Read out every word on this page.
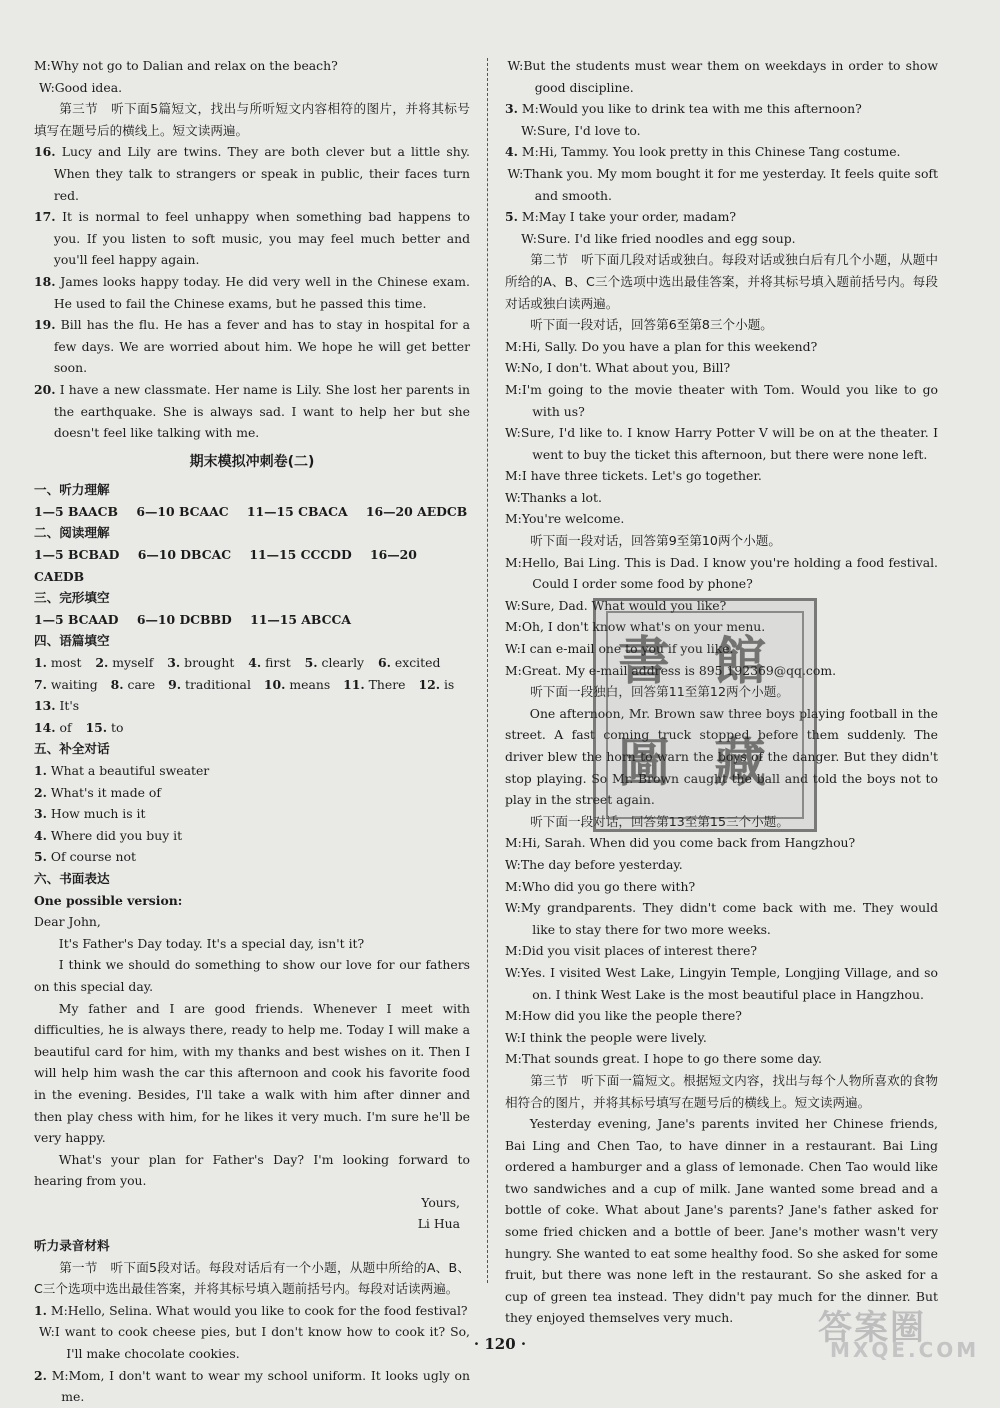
M:Why not go to Dalian and relax on the beach?

W:Good idea.

第三节　听下面5篇短文，找出与所听短文内容相符的图片，并将其标号填写在题号后的横线上。短文读两遍。

16. Lucy and Lily are twins. They are both clever but a little shy. When they talk to strangers or speak in public, their faces turn red.

17. It is normal to feel unhappy when something bad happens to you. If you listen to soft music, you may feel much better and you'll feel happy again.

18. James looks happy today. He did very well in the Chinese exam. He used to fail the Chinese exams, but he passed this time.

19. Bill has the flu. He has a fever and has to stay in hospital for a few days. We are worried about him. We hope he will get better soon.

20. I have a new classmate. Her name is Lily. She lost her parents in the earthquake. She is always sad. I want to help her but she doesn't feel like talking with me.

期末模拟冲刺卷(二)
一、听力理解
1—5 BAACB 6—10 BCAAC 11—15 CBACA 16—20 AEDCB
二、阅读理解
1—5 BCBAD 6—10 DBCAC 11—15 CCCDD 16—20 CAEDB
三、完形填空
1—5 BCAAD 6—10 DCBBD 11—15 ABCCA
四、语篇填空
1. most 2. myself 3. brought 4. first 5. clearly 6. excited
7. waiting 8. care 9. traditional 10. means 11. There 12. is 13. It's
14. of 15. to
五、补全对话
1. What a beautiful sweater
2. What's it made of
3. How much is it
4. Where did you buy it
5. Of course not
六、书面表达
One possible version:
Dear John,

It's Father's Day today. It's a special day, isn't it?

I think we should do something to show our love for our fathers on this special day.

My father and I are good friends. Whenever I meet with difficulties, he is always there, ready to help me. Today I will make a beautiful card for him, with my thanks and best wishes on it. Then I will help him wash the car this afternoon and cook his favorite food in the evening. Besides, I'll take a walk with him after dinner and then play chess with him, for he likes it very much. I'm sure he'll be very happy.

What's your plan for Father's Day? I'm looking forward to hearing from you.

Yours,
Li Hua
听力录音材料

第一节　听下面5段对话。每段对话后有一个小题，从题中所给的A、B、C三个选项中选出最佳答案，并将其标号填入题前括号内。每段对话读两遍。

1. M:Hello, Selina. What would you like to cook for the food festival?

W:I want to cook cheese pies, but I don't know how to cook it? So, I'll make chocolate cookies.

2. M:Mom, I don't want to wear my school uniform. It looks ugly on me.

W:But the students must wear them on weekdays in order to show good discipline.

3. M:Would you like to drink tea with me this afternoon?

W:Sure, I'd love to.

4. M:Hi, Tammy. You look pretty in this Chinese Tang costume.

W:Thank you. My mom bought it for me yesterday. It feels quite soft and smooth.

5. M:May I take your order, madam?

W:Sure. I'd like fried noodles and egg soup.

第二节　听下面几段对话或独白。每段对话或独白后有几个小题，从题中所给的A、B、C三个选项中选出最佳答案，并将其标号填入题前括号内。每段对话或独白读两遍。

听下面一段对话，回答第6至第8三个小题。

M:Hi, Sally. Do you have a plan for this weekend?

W:No, I don't. What about you, Bill?

M:I'm going to the movie theater with Tom. Would you like to go with us?

W:Sure, I'd like to. I know Harry Potter V will be on at the theater. I went to buy the ticket this afternoon, but there were none left.

M:I have three tickets. Let's go together.

W:Thanks a lot.

M:You're welcome.

听下面一段对话，回答第9至第10两个小题。

M:Hello, Bai Ling. This is Dad. I know you're holding a food festival. Could I order some food by phone?

W:Sure, Dad. What would you like?

M:Oh, I don't know what's on your menu.

W:I can e-mail one to you if you like.

M:Great. My e-mail address is 895 192369@qq.com.

听下面一段独白，回答第11至第12两个小题。

One afternoon, Mr. Brown saw three boys playing football in the street. A fast coming truck stopped before them suddenly. The driver blew the horn to warn the boys of the danger. But they didn't stop playing. So Mr. Brown caught the ball and told the boys not to play in the street again.

听下面一段对话，回答第13至第15三个小题。

M:Hi, Sarah. When did you come back from Hangzhou?

W:The day before yesterday.

M:Who did you go there with?

W:My grandparents. They didn't come back with me. They would like to stay there for two more weeks.

M:Did you visit places of interest there?

W:Yes. I visited West Lake, Lingyin Temple, Longjing Village, and so on. I think West Lake is the most beautiful place in Hangzhou.

M:How did you like the people there?

W:I think the people were lively.

M:That sounds great. I hope to go there some day.

第三节　听下面一篇短文。根据短文内容，找出与每个人物所喜欢的食物相符合的图片，并将其标号填写在题号后的横线上。短文读两遍。

Yesterday evening, Jane's parents invited her Chinese friends, Bai Ling and Chen Tao, to have dinner in a restaurant. Bai Ling ordered a hamburger and a glass of lemonade. Chen Tao would like two sandwiches and a cup of milk. Jane wanted some bread and a bottle of coke. What about Jane's parents? Jane's father asked for some fried chicken and a bottle of beer. Jane's mother wasn't very hungry. She wanted to eat some healthy food. So she asked for some fruit, but there was none left in the restaurant. So she asked for a cup of green tea instead. They didn't pay much for the dinner. But they enjoyed themselves very much.

書 館
圖 藏
· 120 ·	答案圈
MXQE.COM
